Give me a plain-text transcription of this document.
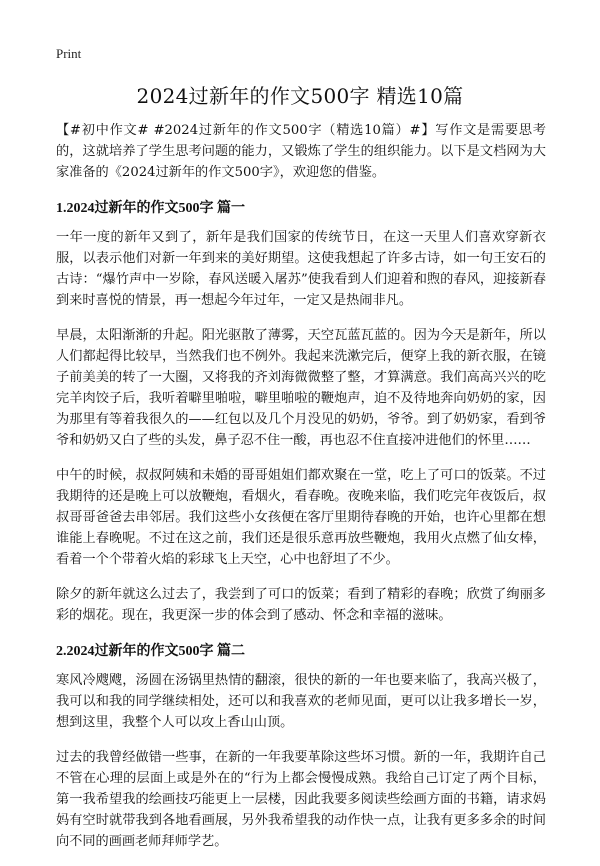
Print
2024过新年的作文500字 精选10篇

【#初中作文# #2024过新年的作文500字（精选10篇）#】写作文是需要思考的，这就培养了学生思考问题的能力，又锻炼了学生的组织能力。以下是文档网为大家准备的《2024过新年的作文500字》，欢迎您的借鉴。

1.2024过新年的作文500字 篇一

一年一度的新年又到了，新年是我们国家的传统节日，在这一天里人们喜欢穿新衣服，以表示他们对新一年到来的美好期望。这使我想起了许多古诗，如一句王安石的古诗：“爆竹声中一岁除，春风送暖入屠苏”使我看到人们迎着和煦的春风，迎接新春到来时喜悦的情景，再一想起今年过年，一定又是热闹非凡。

早晨，太阳渐渐的升起。阳光驱散了薄雾，天空瓦蓝瓦蓝的。因为今天是新年，所以人们都起得比较早，当然我们也不例外。我起来洗漱完后，便穿上我的新衣服，在镜子前美美的转了一大圈，又将我的齐刘海微微整了整，才算满意。我们高高兴兴的吃完羊肉饺子后，我听着噼里啪啦，噼里啪啦的鞭炮声，迫不及待地奔向奶奶的家，因为那里有等着我很久的——红包以及几个月没见的奶奶，爷爷。到了奶奶家，看到爷爷和奶奶又白了些的头发，鼻子忍不住一酸，再也忍不住直接冲进他们的怀里……

中午的时候，叔叔阿姨和未婚的哥哥姐姐们都欢聚在一堂，吃上了可口的饭菜。不过我期待的还是晚上可以放鞭炮，看烟火，看春晚。夜晚来临，我们吃完年夜饭后，叔叔哥哥爸爸去串邻居。我们这些小女孩便在客厅里期待春晚的开始，也许心里都在想谁能上春晚呢。不过在这之前，我们还是很乐意再放些鞭炮，我用火点燃了仙女棒，看着一个个带着火焰的彩球飞上天空，心中也舒坦了不少。

除夕的新年就这么过去了，我尝到了可口的饭菜；看到了精彩的春晚；欣赏了绚丽多彩的烟花。现在，我更深一步的体会到了感动、怀念和幸福的滋味。

2.2024过新年的作文500字 篇二

寒风冷飕飕，汤圆在汤锅里热情的翻滚，很快的新的一年也要来临了，我高兴极了，我可以和我的同学继续相处，还可以和我喜欢的老师见面，更可以让我多增长一岁，想到这里，我整个人可以攻上香山山顶。

过去的我曾经做错一些事，在新的一年我要革除这些坏习惯。新的一年，我期许自己不管在心理的层面上或是外在的“行为上都会慢慢成熟。我给自己订定了两个目标，第一我希望我的绘画技巧能更上一层楼，因此我要多阅读些绘画方面的书籍，请求妈妈有空时就带我到各地看画展，另外我希望我的动作快一点，让我有更多多余的时间向不同的画画老师拜师学艺。
